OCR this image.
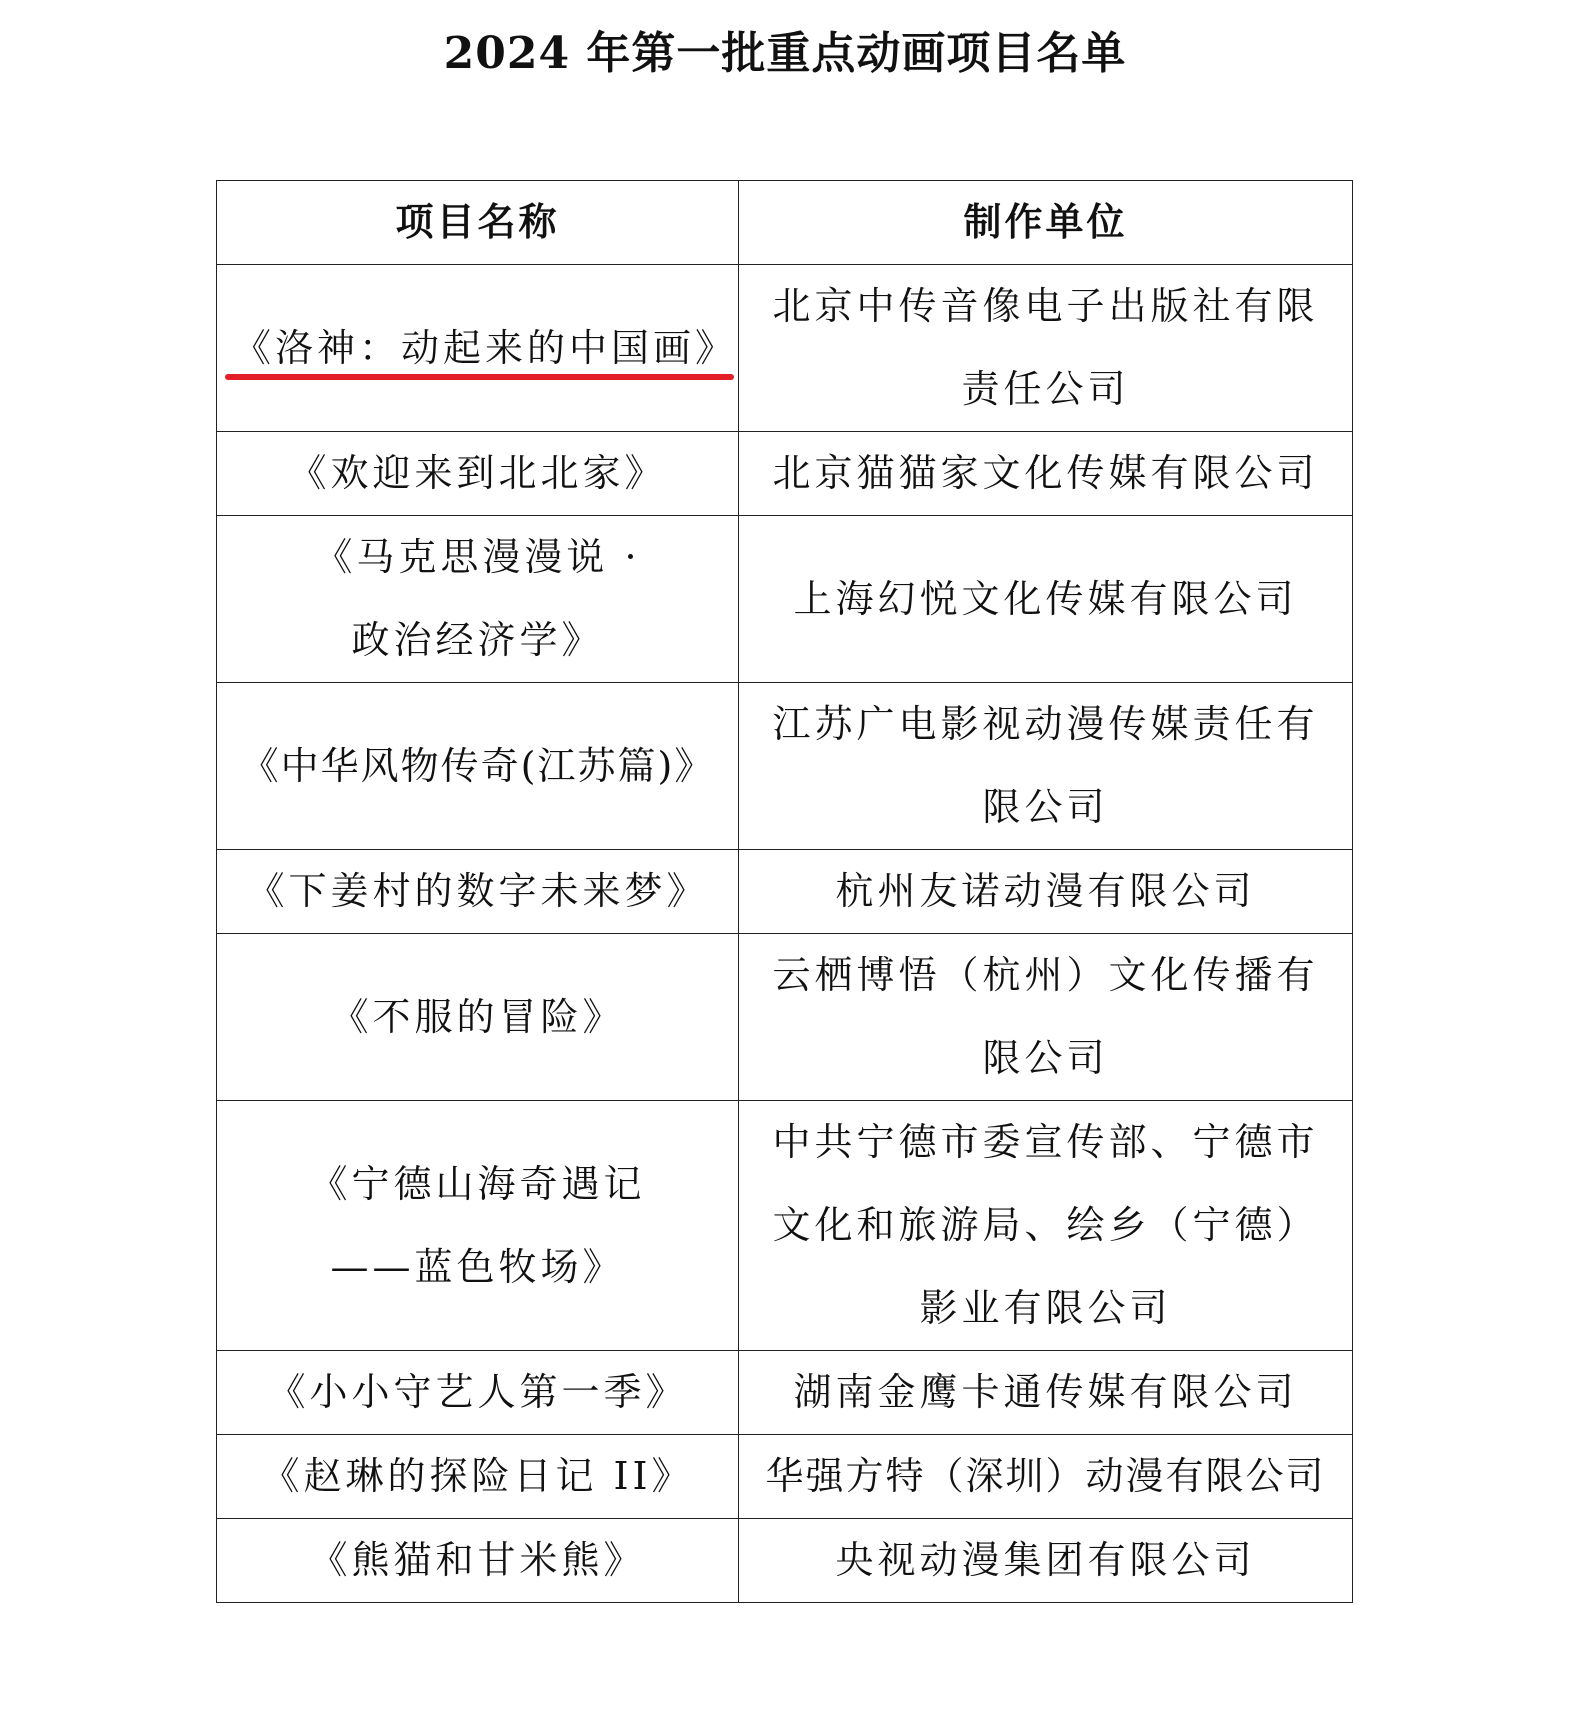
2024 年第一批重点动画项目名单
项目名称	制作单位
《洛神：动起来的中国画》	北京中传音像电子出版社有限责任公司
《欢迎来到北北家》	北京猫猫家文化传媒有限公司
《马克思漫漫说 · 政治经济学》	上海幻悦文化传媒有限公司
《中华风物传奇(江苏篇)》	江苏广电影视动漫传媒责任有限公司
《下姜村的数字未来梦》	杭州友诺动漫有限公司
《不服的冒险》	云栖博悟（杭州）文化传播有限公司
《宁德山海奇遇记——蓝色牧场》	中共宁德市委宣传部、宁德市文化和旅游局、绘乡（宁德）影业有限公司
《小小守艺人第一季》	湖南金鹰卡通传媒有限公司
《赵琳的探险日记 II》	华强方特（深圳）动漫有限公司
《熊猫和甘米熊》	央视动漫集团有限公司
